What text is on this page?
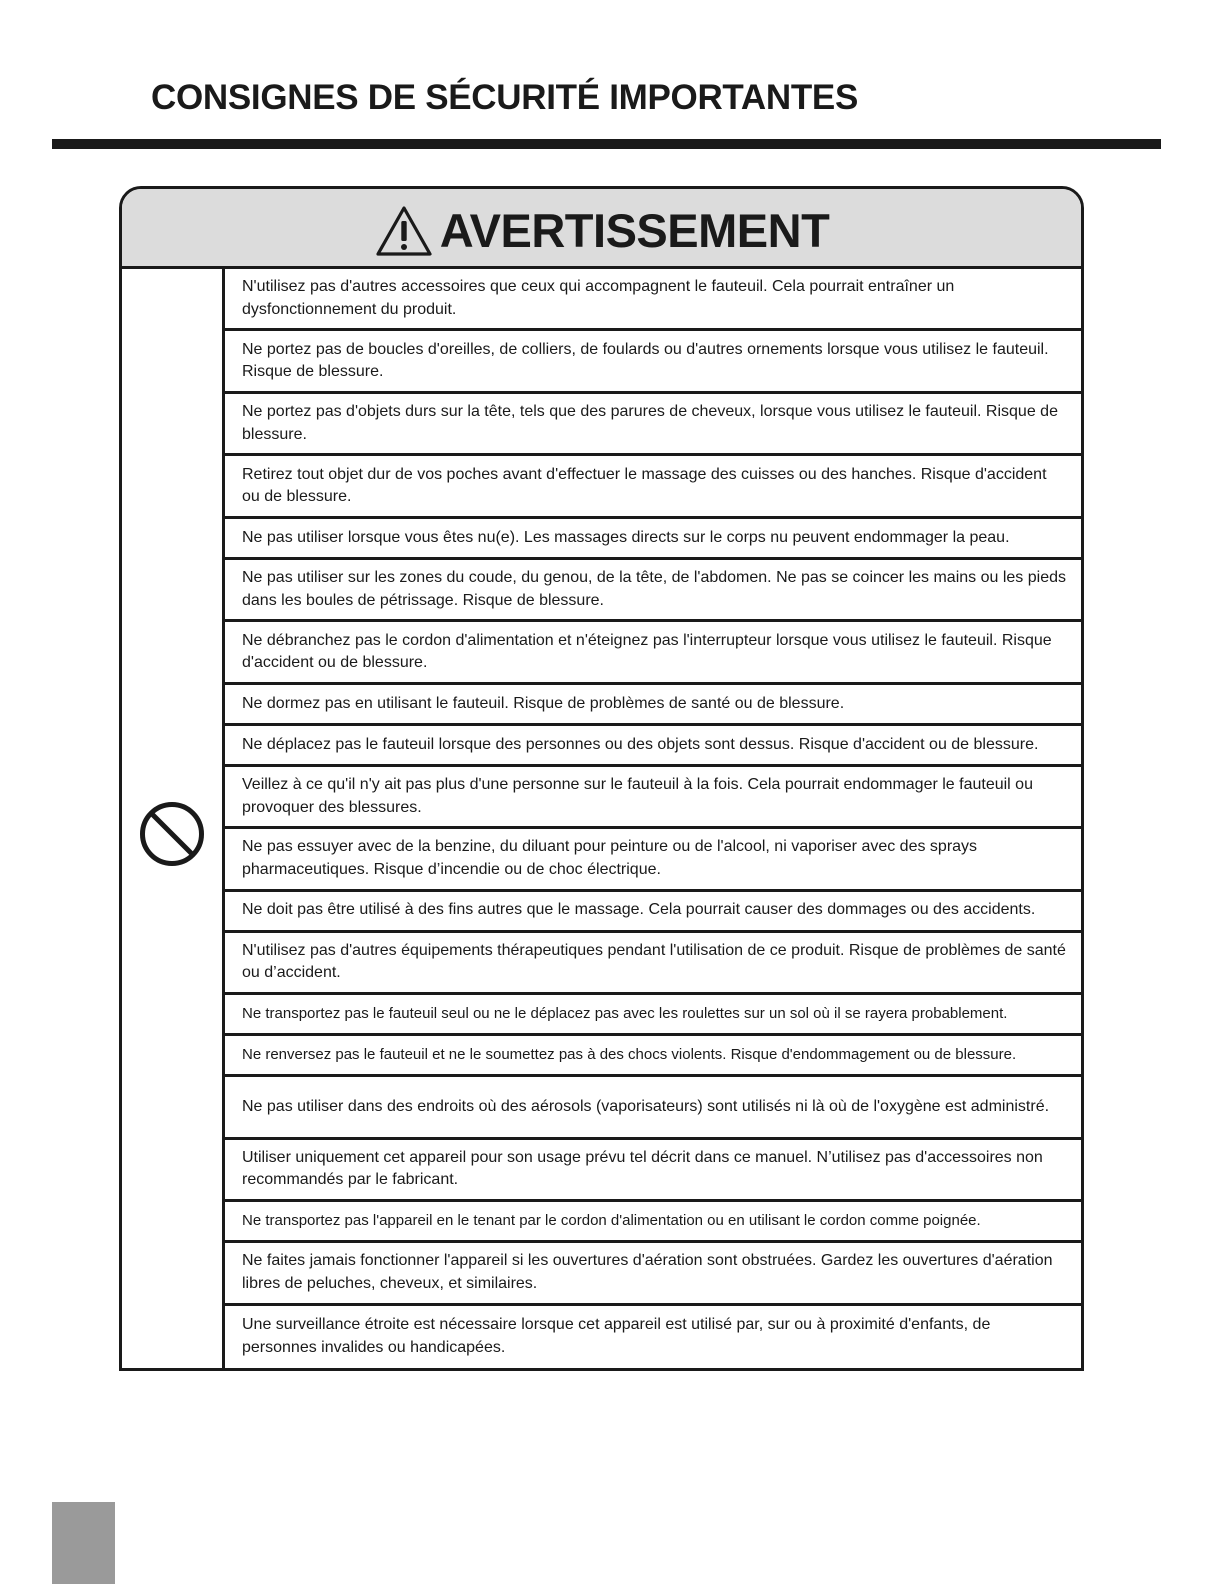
CONSIGNES DE SÉCURITÉ IMPORTANTES
AVERTISSEMENT
N'utilisez pas d'autres accessoires que ceux qui accompagnent le fauteuil. Cela pourrait entraîner un dysfonctionnement du produit.
Ne portez pas de boucles d'oreilles, de colliers, de foulards ou d'autres ornements lorsque vous utilisez le fauteuil. Risque de blessure.
Ne portez pas d'objets durs sur la tête, tels que des parures de cheveux, lorsque vous utilisez le fauteuil. Risque de blessure.
Retirez tout objet dur de vos poches avant d'effectuer le massage des cuisses ou des hanches. Risque d'accident ou de blessure.
Ne pas utiliser lorsque vous êtes nu(e). Les massages directs sur le corps nu peuvent endommager la peau.
Ne pas utiliser sur les zones du coude, du genou, de la tête, de l'abdomen. Ne pas se coincer les mains ou les pieds dans les boules de pétrissage. Risque de blessure.
Ne débranchez pas le cordon d'alimentation et n'éteignez pas l'interrupteur lorsque vous utilisez le fauteuil. Risque d'accident ou de blessure.
Ne dormez pas en utilisant le fauteuil. Risque de problèmes de santé ou de blessure.
Ne déplacez pas le fauteuil lorsque des personnes ou des objets sont dessus. Risque d'accident ou de blessure.
Veillez à ce qu'il n'y ait pas plus d'une personne sur le fauteuil à la fois. Cela pourrait endommager le fauteuil ou provoquer des blessures.
Ne pas essuyer avec de la benzine, du diluant pour peinture ou de l'alcool, ni vaporiser avec des sprays pharmaceutiques. Risque d’incendie ou de choc électrique.
Ne doit pas être utilisé à des fins autres que le massage. Cela pourrait causer des dommages ou des accidents.
N'utilisez pas d'autres équipements thérapeutiques pendant l'utilisation de ce produit. Risque de problèmes de santé ou d’accident.
Ne transportez pas le fauteuil seul ou ne le déplacez pas avec les roulettes sur un sol où il se rayera probablement.
Ne renversez pas le fauteuil et ne le soumettez pas à des chocs violents. Risque d'endommagement ou de blessure.
Ne pas utiliser dans des endroits où des aérosols (vaporisateurs) sont utilisés ni là où de l'oxygène est administré.
Utiliser uniquement cet appareil pour son usage prévu tel décrit dans ce manuel. N’utilisez pas d'accessoires non recommandés par le fabricant.
Ne transportez pas l'appareil en le tenant par le cordon d'alimentation ou en utilisant le cordon comme poignée.
Ne faites jamais fonctionner l'appareil si les ouvertures d'aération sont obstruées. Gardez les ouvertures d'aération libres de peluches, cheveux, et similaires.
Une surveillance étroite est nécessaire lorsque cet appareil est utilisé par, sur ou à proximité d'enfants, de personnes invalides ou handicapées.
